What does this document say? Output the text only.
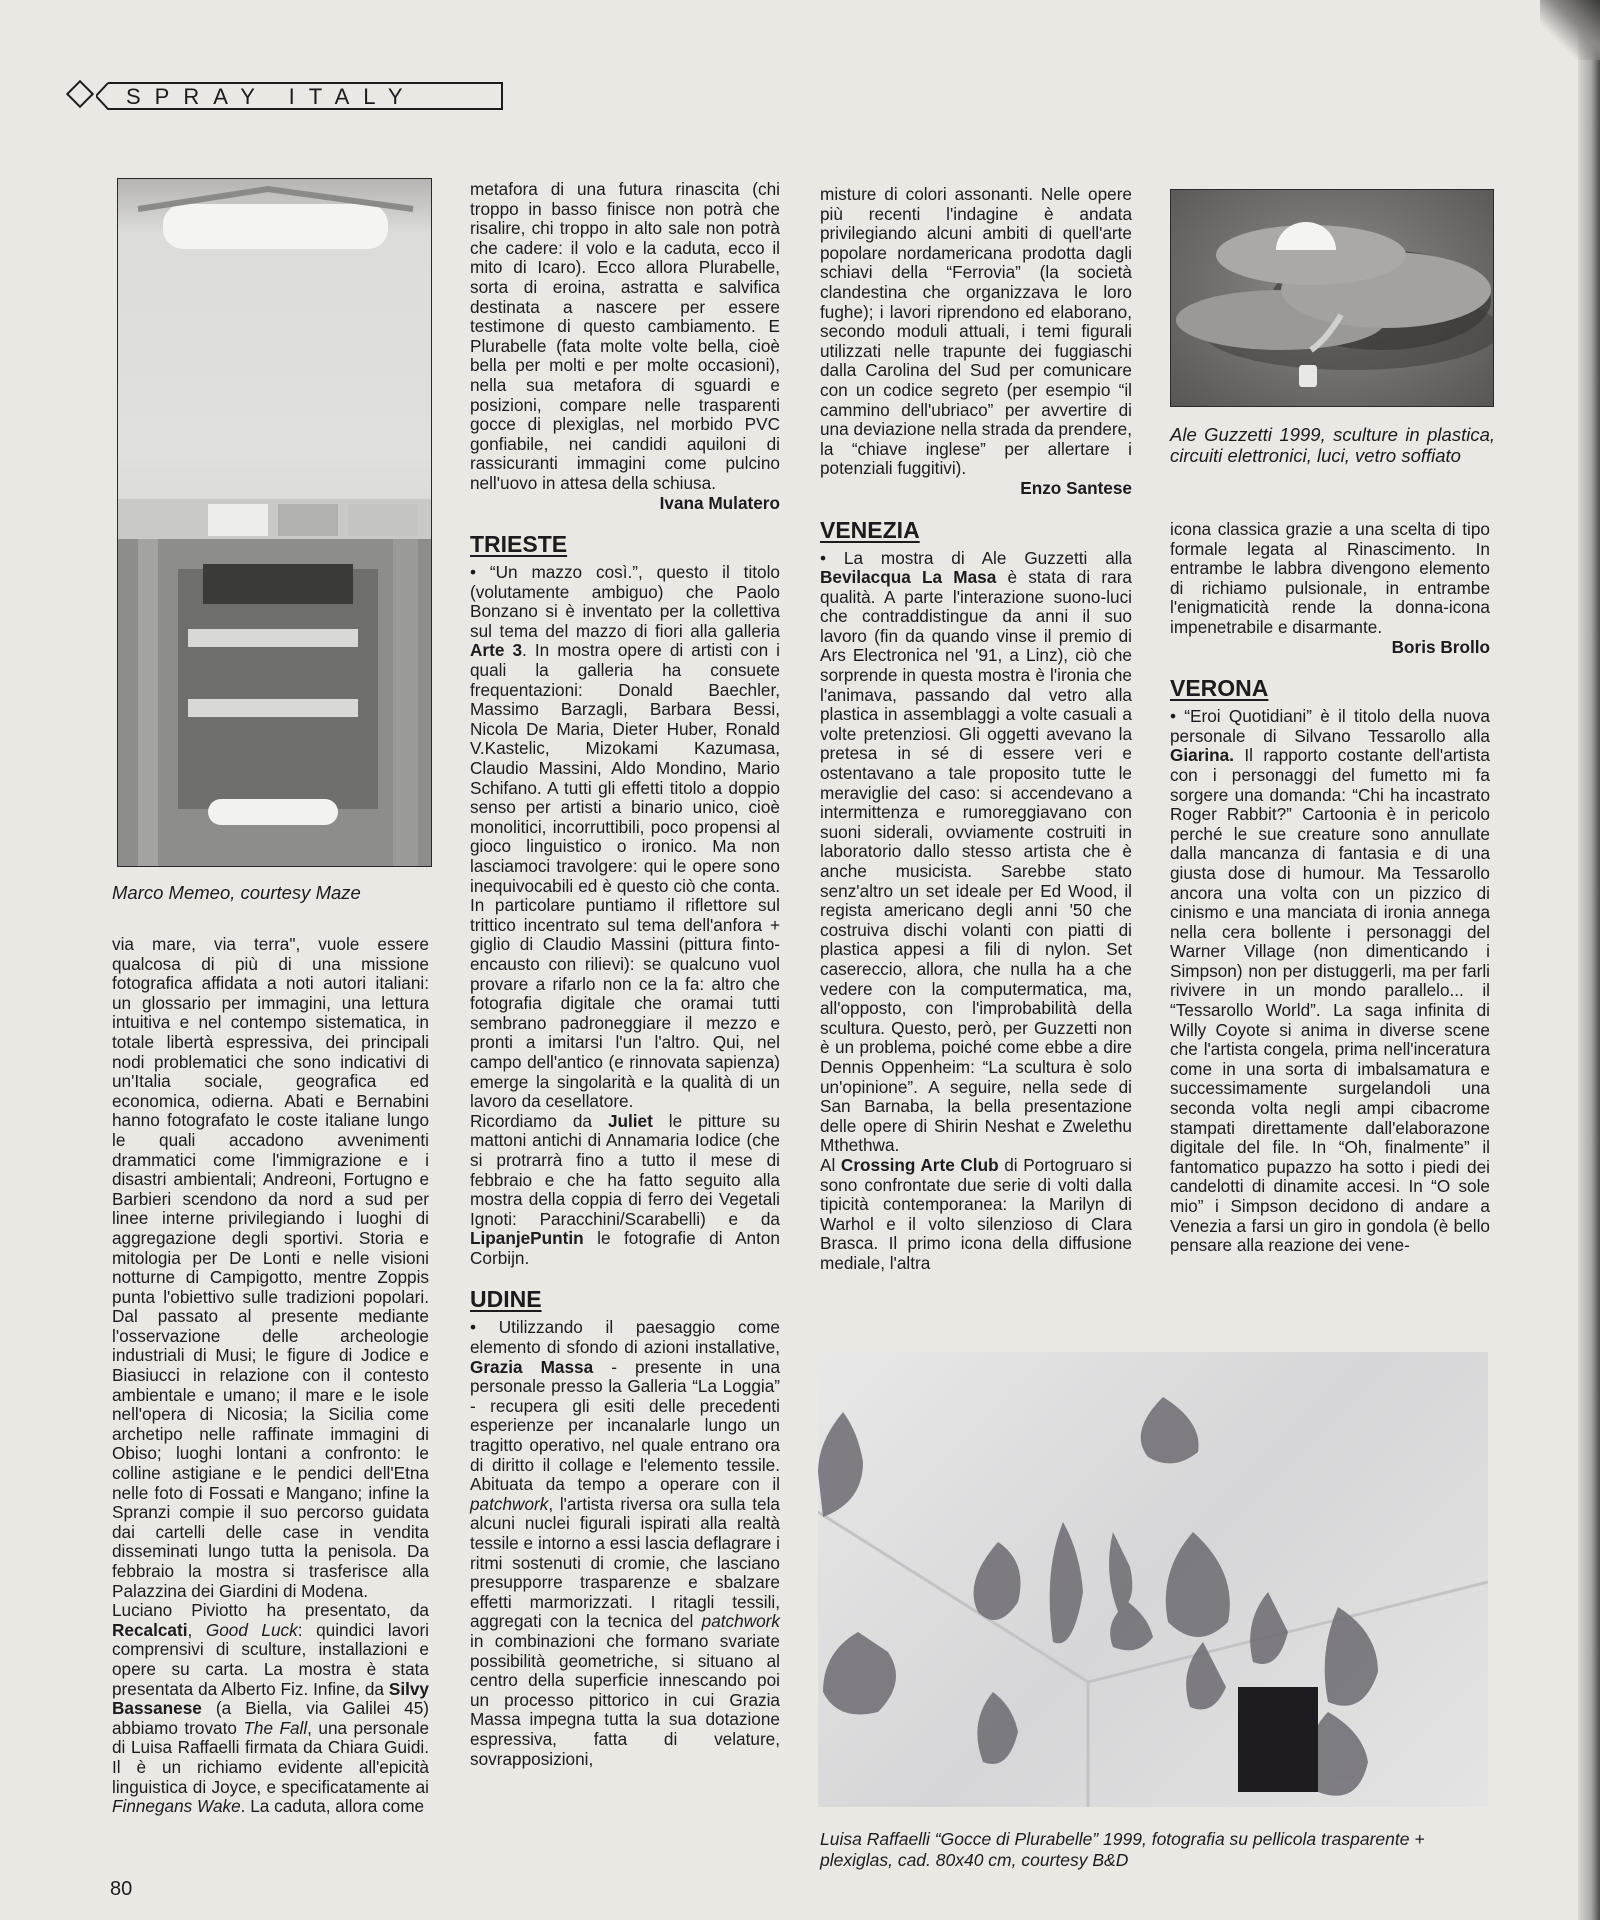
SPRAY ITALY
Marco Memeo, courtesy Maze
Ale Guzzetti 1999, sculture in plastica, circuiti elettronici, luci, vetro soffiato
Luisa Raffaelli “Gocce di Plurabelle” 1999, fotografia su pellicola trasparente + plexiglas, cad. 80x40 cm, courtesy B&D

via mare, via terra", vuole essere qualcosa di più di una missione fotografica affidata a noti autori italiani: un glossario per immagini, una lettura intuitiva e nel contempo sistematica, in totale libertà espressiva, dei principali nodi problematici che sono indicativi di un'Italia sociale, geografica ed economica, odierna. Abati e Bernabini hanno fotografato le coste italiane lungo le quali accadono avvenimenti drammatici come l'immigrazione e i disastri ambientali; Andreoni, Fortugno e Barbieri scendono da nord a sud per linee interne privilegiando i luoghi di aggregazione degli sportivi. Storia e mitologia per De Lonti e nelle visioni notturne di Campigotto, mentre Zoppis punta l'obiettivo sulle tradizioni popolari. Dal passato al presente mediante l'osservazione delle archeologie industriali di Musi; le figure di Jodice e Biasiucci in relazione con il contesto ambientale e umano; il mare e le isole nell'opera di Nicosia; la Sicilia come archetipo nelle raffinate immagini di Obiso; luoghi lontani a confronto: le colline astigiane e le pendici dell'Etna nelle foto di Fossati e Mangano; infine la Spranzi compie il suo percorso guidata dai cartelli delle case in vendita disseminati lungo tutta la penisola. Da febbraio la mostra si trasferisce alla Palazzina dei Giardini di Modena.

Luciano Piviotto ha presentato, da Recalcati, Good Luck: quindici lavori comprensivi di sculture, installazioni e opere su carta. La mostra è stata presentata da Alberto Fiz. Infine, da Silvy Bassanese (a Biella, via Galilei 45) abbiamo trovato The Fall, una personale di Luisa Raffaelli firmata da Chiara Guidi. Il è un richiamo evidente all'epicità linguistica di Joyce, e specificatamente ai Finnegans Wake. La caduta, allora come

metafora di una futura rinascita (chi troppo in basso finisce non potrà che risalire, chi troppo in alto sale non potrà che cadere: il volo e la caduta, ecco il mito di Icaro). Ecco allora Plurabelle, sorta di eroina, astratta e salvifica destinata a nascere per essere testimone di questo cambiamento. E Plurabelle (fata molte volte bella, cioè bella per molti e per molte occasioni), nella sua metafora di sguardi e posizioni, compare nelle trasparenti gocce di plexiglas, nel morbido PVC gonfiabile, nei candidi aquiloni di rassicuranti immagini come pulcino nell'uovo in attesa della schiusa.

Ivana Mulatero

TRIESTE

• “Un mazzo così.”, questo il titolo (volutamente ambiguo) che Paolo Bonzano si è inventato per la collettiva sul tema del mazzo di fiori alla galleria Arte 3. In mostra opere di artisti con i quali la galleria ha consuete frequentazioni: Donald Baechler, Massimo Barzagli, Barbara Bessi, Nicola De Maria, Dieter Huber, Ronald V.Kastelic, Mizokami Kazumasa, Claudio Massini, Aldo Mondino, Mario Schifano. A tutti gli effetti titolo a doppio senso per artisti a binario unico, cioè monolitici, incorruttibili, poco propensi al gioco linguistico o ironico. Ma non lasciamoci travolgere: qui le opere sono inequivocabili ed è questo ciò che conta. In particolare puntiamo il riflettore sul trittico incentrato sul tema dell'anfora + giglio di Claudio Massini (pittura finto-encausto con rilievi): se qualcuno vuol provare a rifarlo non ce la fa: altro che fotografia digitale che oramai tutti sembrano padroneggiare il mezzo e pronti a imitarsi l'un l'altro. Qui, nel campo dell'antico (e rinnovata sapienza) emerge la singolarità e la qualità di un lavoro da cesellatore.

Ricordiamo da Juliet le pitture su mattoni antichi di Annamaria Iodice (che si protrarrà fino a tutto il mese di febbraio e che ha fatto seguito alla mostra della coppia di ferro dei Vegetali Ignoti: Paracchini/Scarabelli) e da LipanjePuntin le fotografie di Anton Corbijn.

UDINE

• Utilizzando il paesaggio come elemento di sfondo di azioni installative, Grazia Massa - presente in una personale presso la Galleria “La Loggia” - recupera gli esiti delle precedenti esperienze per incanalarle lungo un tragitto operativo, nel quale entrano ora di diritto il collage e l'elemento tessile. Abituata da tempo a operare con il patchwork, l'artista riversa ora sulla tela alcuni nuclei figurali ispirati alla realtà tessile e intorno a essi lascia deflagrare i ritmi sostenuti di cromie, che lasciano presupporre trasparenze e sbalzare effetti marmorizzati. I ritagli tessili, aggregati con la tecnica del patchwork in combinazioni che formano svariate possibilità geometriche, si situano al centro della superficie innescando poi un processo pittorico in cui Grazia Massa impegna tutta la sua dotazione espressiva, fatta di velature, sovrapposizioni,

misture di colori assonanti. Nelle opere più recenti l'indagine è andata privilegiando alcuni ambiti di quell'arte popolare nordamericana prodotta dagli schiavi della “Ferrovia” (la società clandestina che organizzava le loro fughe); i lavori riprendono ed elaborano, secondo moduli attuali, i temi figurali utilizzati nelle trapunte dei fuggiaschi dalla Carolina del Sud per comunicare con un codice segreto (per esempio “il cammino dell'ubriaco” per avvertire di una deviazione nella strada da prendere, la “chiave inglese” per allertare i potenziali fuggitivi).

Enzo Santese

VENEZIA

• La mostra di Ale Guzzetti alla Bevilacqua La Masa è stata di rara qualità. A parte l'interazione suono-luci che contraddistingue da anni il suo lavoro (fin da quando vinse il premio di Ars Electronica nel '91, a Linz), ciò che sorprende in questa mostra è l'ironia che l'animava, passando dal vetro alla plastica in assemblaggi a volte casuali a volte pretenziosi. Gli oggetti avevano la pretesa in sé di essere veri e ostentavano a tale proposito tutte le meraviglie del caso: si accendevano a intermittenza e rumoreggiavano con suoni siderali, ovviamente costruiti in laboratorio dallo stesso artista che è anche musicista. Sarebbe stato senz'altro un set ideale per Ed Wood, il regista americano degli anni '50 che costruiva dischi volanti con piatti di plastica appesi a fili di nylon. Set casereccio, allora, che nulla ha a che vedere con la computermatica, ma, all'opposto, con l'improbabilità della scultura. Questo, però, per Guzzetti non è un problema, poiché come ebbe a dire Dennis Oppenheim: “La scultura è solo un'opinione”. A seguire, nella sede di San Barnaba, la bella presentazione delle opere di Shirin Neshat e Zwelethu Mthethwa.

Al Crossing Arte Club di Portogruaro si sono confrontate due serie di volti dalla tipicità contemporanea: la Marilyn di Warhol e il volto silenzioso di Clara Brasca. Il primo icona della diffusione mediale, l'altra

icona classica grazie a una scelta di tipo formale legata al Rinascimento. In entrambe le labbra divengono elemento di richiamo pulsionale, in entrambe l'enigmaticità rende la donna-icona impenetrabile e disarmante.

Boris Brollo

VERONA

• “Eroi Quotidiani” è il titolo della nuova personale di Silvano Tessarollo alla Giarina. Il rapporto costante dell'artista con i personaggi del fumetto mi fa sorgere una domanda: “Chi ha incastrato Roger Rabbit?” Cartoonia è in pericolo perché le sue creature sono annullate dalla mancanza di fantasia e di una giusta dose di humour. Ma Tessarollo ancora una volta con un pizzico di cinismo e una manciata di ironia annega nella cera bollente i personaggi del Warner Village (non dimenticando i Simpson) non per distuggerli, ma per farli rivivere in un mondo parallelo... il “Tessarollo World”. La saga infinita di Willy Coyote si anima in diverse scene che l'artista congela, prima nell'inceratura come in una sorta di imbalsamatura e successimamente surgelandoli una seconda volta negli ampi cibacrome stampati direttamente dall'elaborazone digitale del file. In “Oh, finalmente” il fantomatico pupazzo ha sotto i piedi dei candelotti di dinamite accesi. In “O sole mio” i Simpson decidono di andare a Venezia a farsi un giro in gondola (è bello pensare alla reazione dei vene-

80
